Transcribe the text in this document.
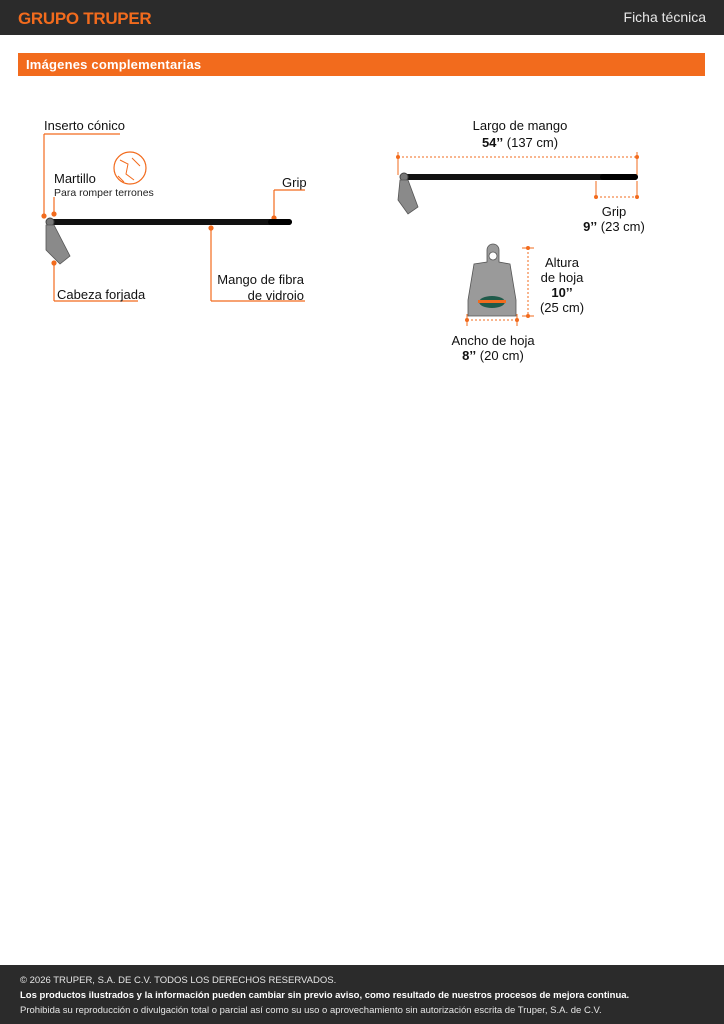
GRUPO TRUPER	Ficha técnica
Imágenes complementarias
Inserto cónico
Martillo
Para romper terrones
Grip
Cabeza forjada
Mango de fibra
de vidroio
Largo de mango
54’’ (137 cm)
Grip
9’’ (23 cm)
Altura
de hoja
10’’
(25 cm)
Ancho de hoja
8’’ (20 cm)
© 2026 TRUPER, S.A. DE C.V. TODOS LOS DERECHOS RESERVADOS.
Los productos ilustrados y la información pueden cambiar sin previo aviso, como resultado de nuestros procesos de mejora continua.
Prohibida su reproducción o divulgación total o parcial así como su uso o aprovechamiento sin autorización escrita de Truper, S.A. de C.V.
